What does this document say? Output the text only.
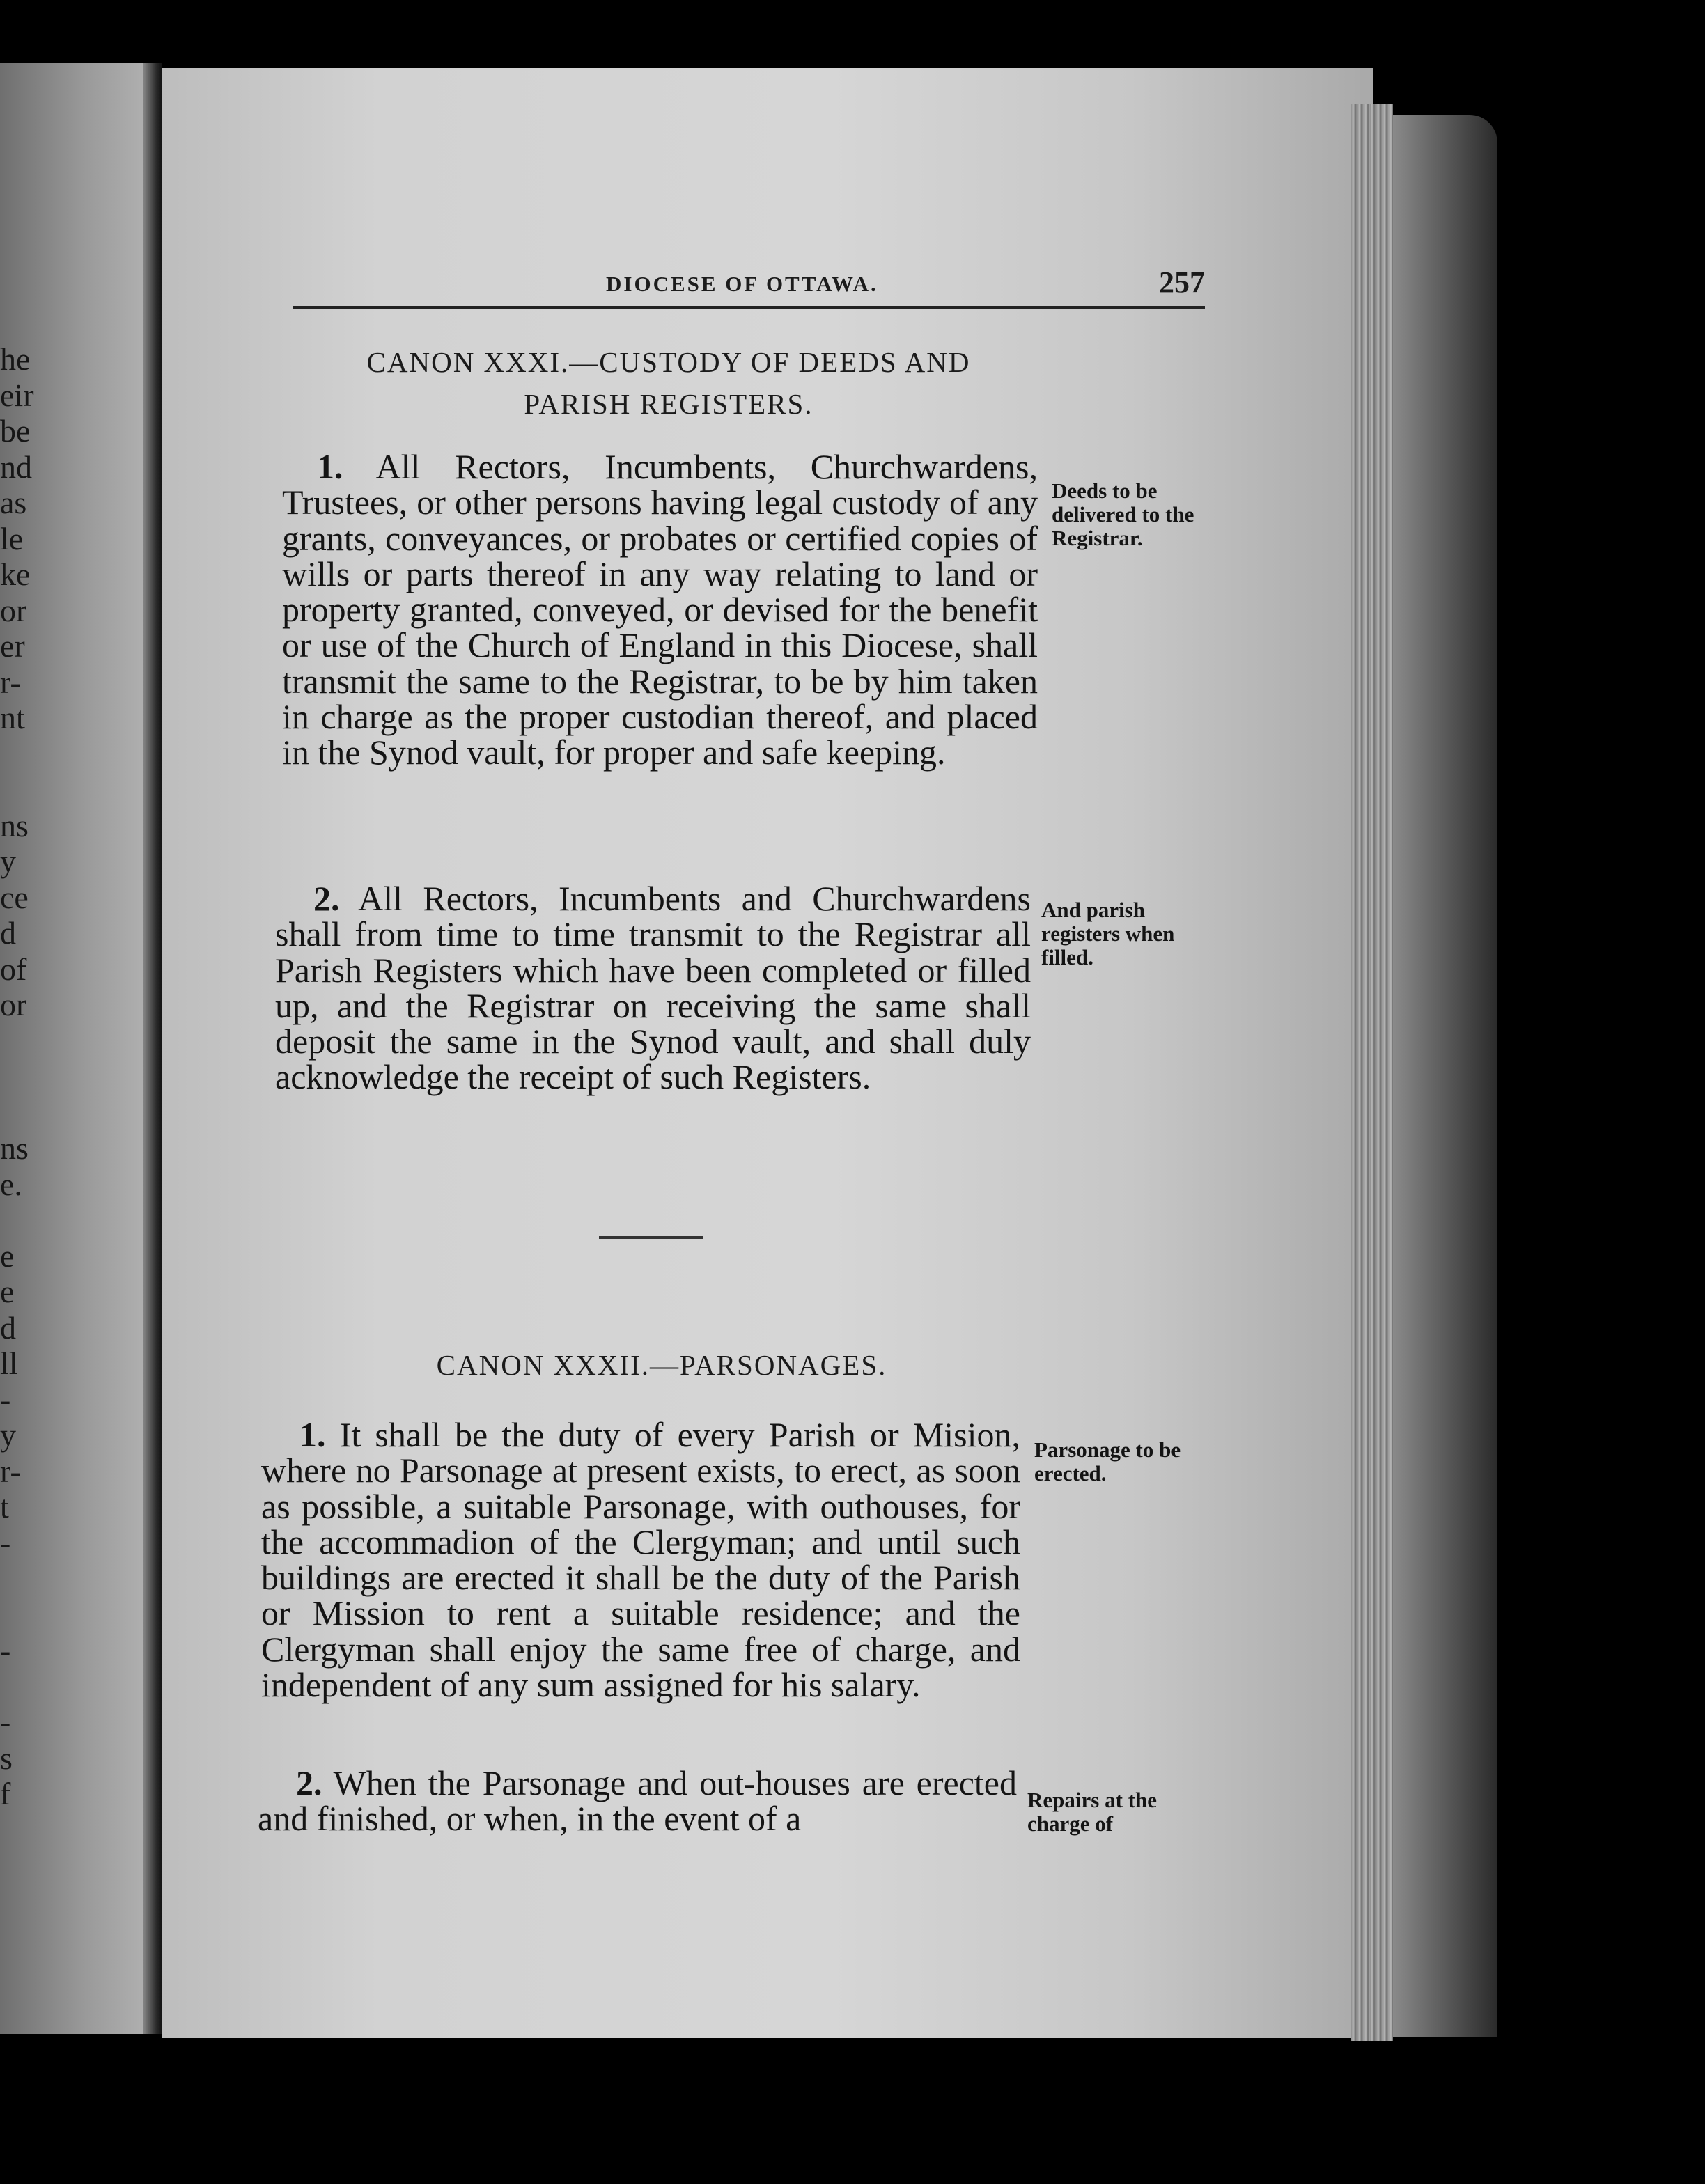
he
eir
be
nd
as
le
ke
or
er
r-
nt
ns
y
ce
d
of
or
ns
e.
e
e
d
ll
-
y
r-
t
-
-
-
s
f
DIOCESE OF OTTAWA.	257
CANON XXXI.—CUSTODY OF DEEDS AND
PARISH REGISTERS.
1. All Rectors, Incumbents, Churchwardens, Trustees, or other persons having legal custody of any grants, conveyances, or probates or certified copies of wills or parts thereof in any way relating to land or property granted, conveyed, or devised for the benefit or use of the Church of England in this Diocese, shall transmit the same to the Registrar, to be by him taken in charge as the proper custodian thereof, and placed in the Synod vault, for proper and safe keeping.
Deeds to be delivered to the Registrar.
2. All Rectors, Incumbents and Churchwardens shall from time to time transmit to the Registrar all Parish Registers which have been completed or filled up, and the Registrar on receiving the same shall deposit the same in the Synod vault, and shall duly acknowledge the receipt of such Registers.
And parish registers when filled.
CANON XXXII.—PARSONAGES.
1. It shall be the duty of every Parish or Mision, where no Parsonage at present exists, to erect, as soon as possible, a suitable Parsonage, with outhouses, for the accommadion of the Clergyman; and until such buildings are erected it shall be the duty of the Parish or Mission to rent a suitable residence; and the Clergyman shall enjoy the same free of charge, and independent of any sum assigned for his salary.
Parsonage to be erected.
2. When the Parsonage and out-houses are erected and finished, or when, in the event of a	Repairs at the charge of
